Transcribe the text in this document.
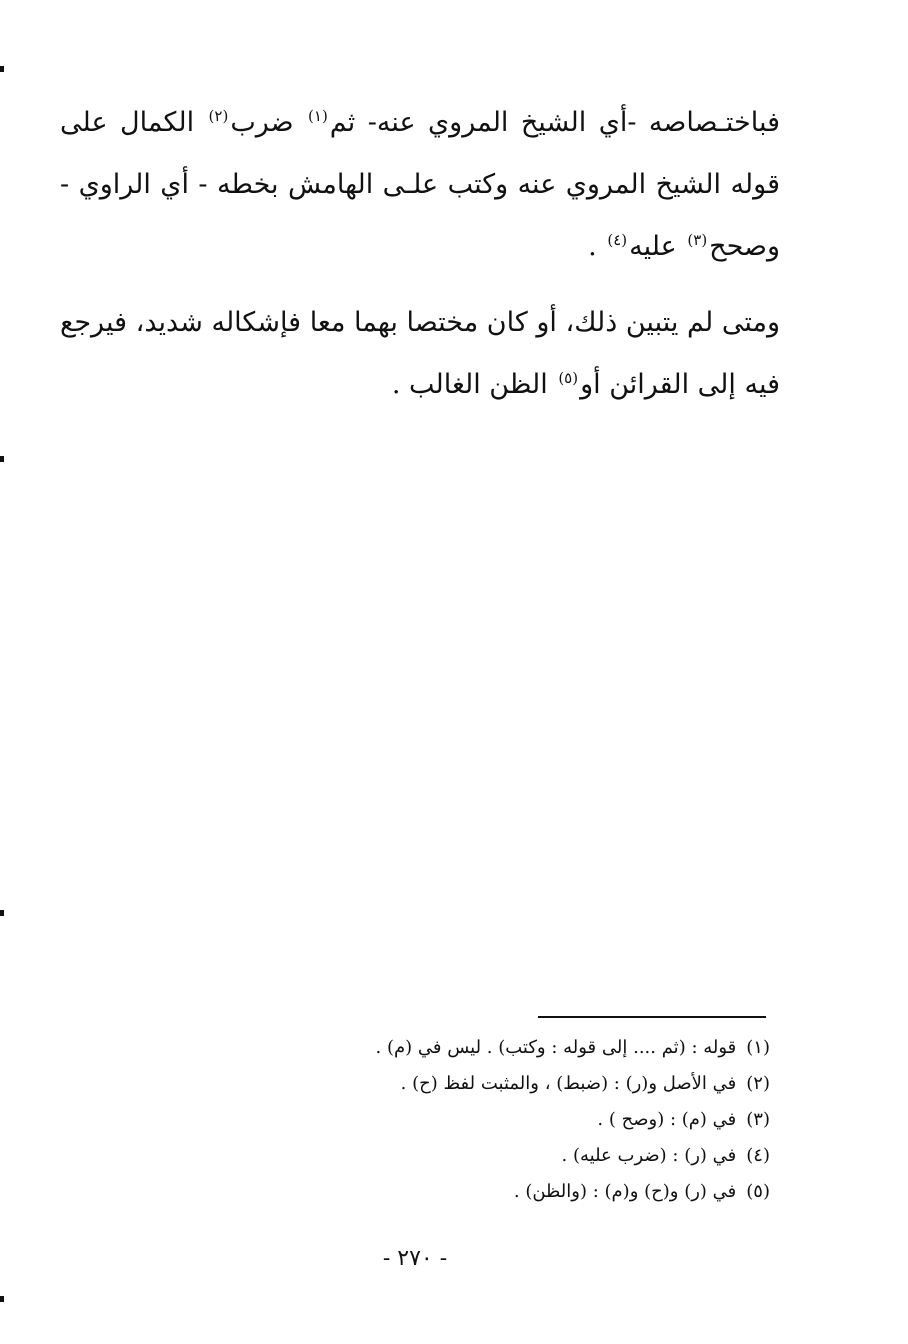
فباختـصاصه -أي الشيخ المروي عنه- ثم$^{(١)}$ ضرب$^{(٢)}$ الكمال على قوله الشيخ المروي عنه وكتب علـى الهامش بخطه - أي الراوي - وصحح$^{(٣)}$ عليه$^{(٤)}$ .

ومتى لم يتبين ذلك، أو كان مختصا بهما معا فإشكاله شديد، فيرجع فيه إلى القرائن أو$^{(٥)}$ الظن الغالب .

(١)قوله : (ثم .... إلى قوله : وكتب) . ليس في (م) .
(٢)في الأصل و(ر) : (ضبط) ، والمثبت لفظ (ح) .
(٣)في (م) : (وصح ) .
(٤)في (ر) : (ضرب عليه) .
(٥)في (ر) و(ح) و(م) : (والظن) .
- ٢٧٠ -
